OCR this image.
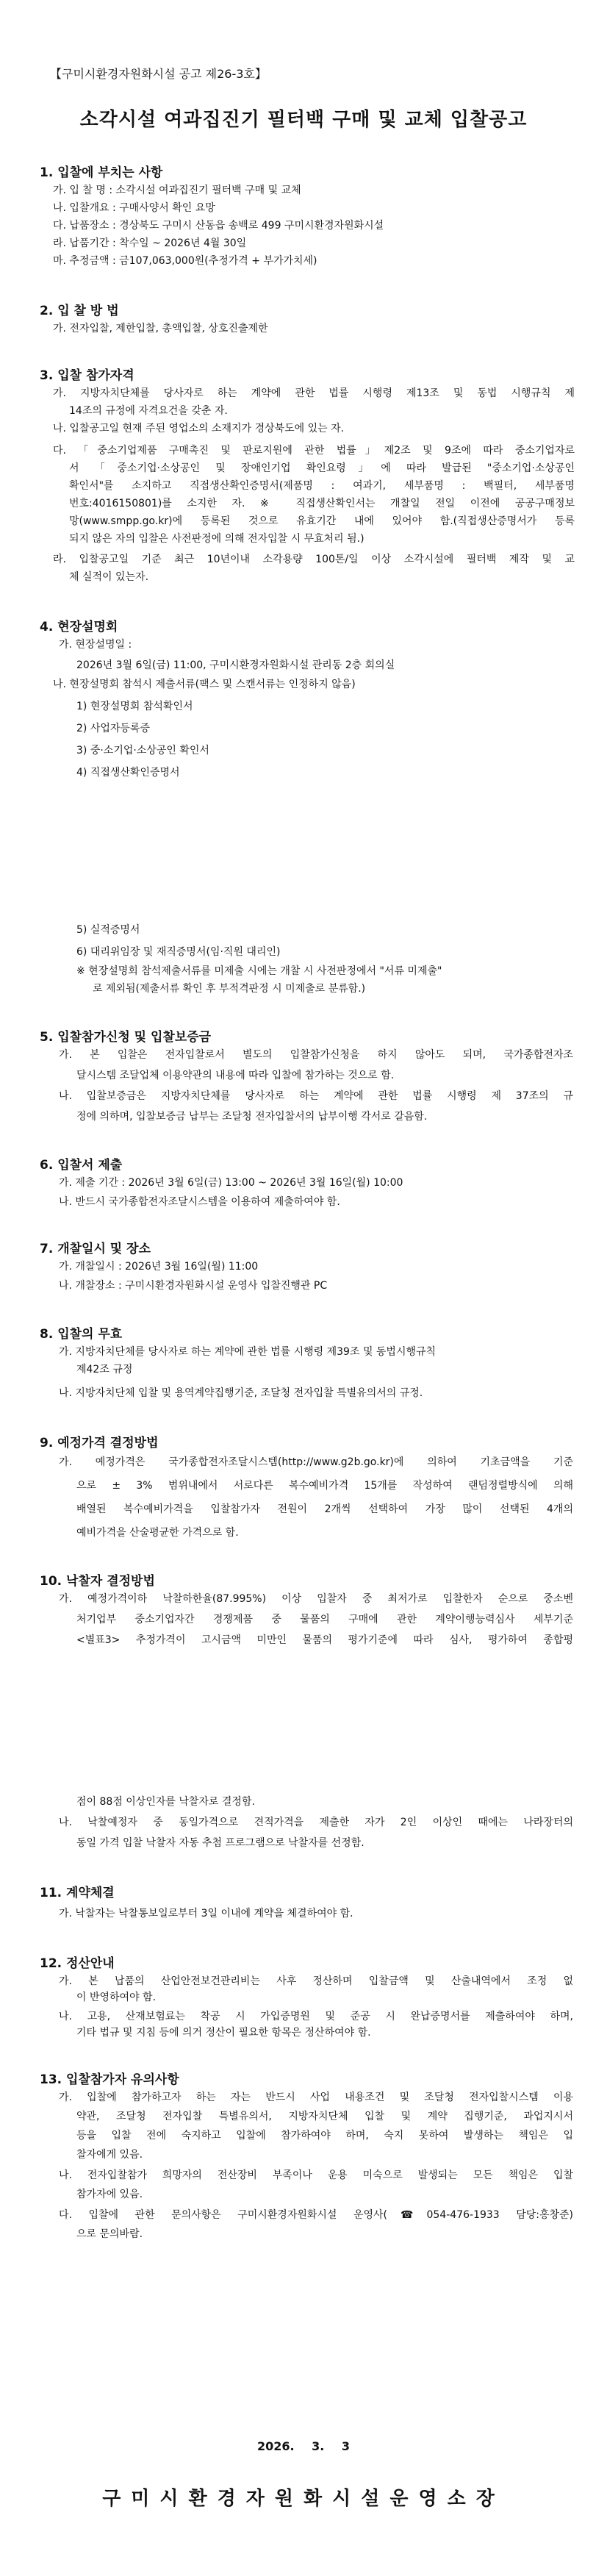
【구미시환경자원화시설 공고 제26-3호】
소각시설 여과집진기 필터백 구매 및 교체 입찰공고
1. 입찰에 부치는 사항
가. 입 찰 명 : 소각시설 여과집진기 필터백 구매 및 교체
나. 입찰개요 : 구매사양서 확인 요망
다. 납품장소 : 경상북도 구미시 산동읍 송백로 499 구미시환경자원화시설
라. 납품기간 : 착수일 ~ 2026년 4월 30일
마. 추정금액 : 금107,063,000원(추정가격 + 부가가치세)
2. 입 찰 방 법
가. 전자입찰, 제한입찰, 총액입찰, 상호진출제한
3. 입찰 참가자격
가. 지방자치단체를 당사자로 하는 계약에 관한 법률 시행령 제13조 및 동법 시행규칙 제
14조의 규정에 자격요건을 갖춘 자.
나. 입찰공고일 현재 주된 영업소의 소재지가 경상북도에 있는 자.
다. 「중소기업제품 구매촉진 및 판로지원에 관한 법률」제2조 및 9조에 따라 중소기업자로
서 「중소기업·소상공인 및 장애인기업 확인요령」에 따라 발급된 "중소기업·소상공인
확인서"를 소지하고 직접생산확인증명서(제품명 : 여과기, 세부품명 : 백필터, 세부품명
번호:4016150801)를 소지한 자. ※ 직접생산확인서는 개찰일 전일 이전에 공공구매정보
망(www.smpp.go.kr)에 등록된 것으로 유효기간 내에 있어야 함.(직접생산증명서가 등록
되지 않은 자의 입찰은 사전판정에 의해 전자입찰 시 무효처리 됨.)
라. 입찰공고일 기준 최근 10년이내 소각용량 100톤/일 이상 소각시설에 필터백 제작 및 교
체 실적이 있는자.
4. 현장설명회
가. 현장설명일 :
2026년 3월 6일(금) 11:00, 구미시환경자원화시설 관리동 2층 회의실
나. 현장설명회 참석시 제출서류(팩스 및 스캔서류는 인정하지 않음)
1) 현장설명회 참석확인서
2) 사업자등록증
3) 중·소기업·소상공인 확인서
4) 직접생산확인증명서
5) 실적증명서
6) 대리위임장 및 재직증명서(임·직원 대리인)
※ 현장설명회 참석제출서류를 미제출 시에는 개찰 시 사전판정에서 "서류 미제출"
로 제외됨(제출서류 확인 후 부적격판정 시 미제출로 분류함.)
5. 입찰참가신청 및 입찰보증금
가. 본 입찰은 전자입찰로서 별도의 입찰참가신청을 하지 않아도 되며, 국가종합전자조
달시스템 조달업체 이용약관의 내용에 따라 입찰에 참가하는 것으로 함.
나. 입찰보증금은 지방자치단체를 당사자로 하는 계약에 관한 법률 시행령 제 37조의 규
정에 의하며, 입찰보증금 납부는 조달청 전자입찰서의 납부이행 각서로 갈음함.
6. 입찰서 제출
가. 제출 기간 : 2026년 3월 6일(금) 13:00 ~ 2026년 3월 16일(월) 10:00
나. 반드시 국가종합전자조달시스템을 이용하여 제출하여야 함.
7. 개찰일시 및 장소
가. 개찰일시 : 2026년 3월 16일(월) 11:00
나. 개찰장소 : 구미시환경자원화시설 운영사 입찰진행관 PC
8. 입찰의 무효
가. 지방자치단체를 당사자로 하는 계약에 관한 법률 시행령 제39조 및 동법시행규칙
제42조 규정
나. 지방자치단체 입찰 및 용역계약집행기준, 조달청 전자입찰 특별유의서의 규정.
9. 예정가격 결정방법
가. 예정가격은 국가종합전자조달시스템(http://www.g2b.go.kr)에 의하여 기초금액을 기준
으로 ± 3% 범위내에서 서로다른 복수예비가격 15개를 작성하여 랜덤정렬방식에 의해
배열된 복수예비가격을 입찰참가자 전원이 2개씩 선택하여 가장 많이 선택된 4개의
예비가격을 산술평균한 가격으로 함.
10. 낙찰자 결정방법
가. 예정가격이하 낙찰하한율(87.995%) 이상 입찰자 중 최저가로 입찰한자 순으로 중소벤
처기업부 중소기업자간 경쟁제품 중 물품의 구매에 관한 계약이행능력심사 세부기준
<별표3> 추정가격이 고시금액 미만인 물품의 평가기준에 따라 심사, 평가하여 종합평
점이 88점 이상인자를 낙찰자로 결정함.
나. 낙찰예정자 중 동일가격으로 견적가격을 제출한 자가 2인 이상인 때에는 나라장터의
동일 가격 입찰 낙찰자 자동 추첨 프로그램으로 낙찰자를 선정함.
11. 계약체결
가. 낙찰자는 낙찰통보일로부터 3일 이내에 계약을 체결하여야 함.
12. 정산안내
가. 본 납품의 산업안전보건관리비는 사후 정산하며 입찰금액 및 산출내역에서 조정 없
이 반영하여야 함.
나. 고용, 산재보험료는 착공 시 가입증명원 및 준공 시 완납증명서를 제출하여야 하며,
기타 법규 및 지침 등에 의거 정산이 필요한 항목은 정산하여야 함.
13. 입찰참가자 유의사항
가. 입찰에 참가하고자 하는 자는 반드시 사업 내용조건 및 조달청 전자입찰시스템 이용
약관, 조달청 전자입찰 특별유의서, 지방자치단체 입찰 및 계약 집행기준, 과업지시서
등을 입찰 전에 숙지하고 입찰에 참가하여야 하며, 숙지 못하여 발생하는 책임은 입
찰자에게 있음.
나. 전자입찰참가 희망자의 전산장비 부족이나 운용 미숙으로 발생되는 모든 책임은 입찰
참가자에 있음.
다. 입찰에 관한 문의사항은 구미시환경자원화시설 운영사(☎054-476-1933 담당:홍창준)
으로 문의바람.
2026. 3. 3
구미시환경자원화시설운영소장
